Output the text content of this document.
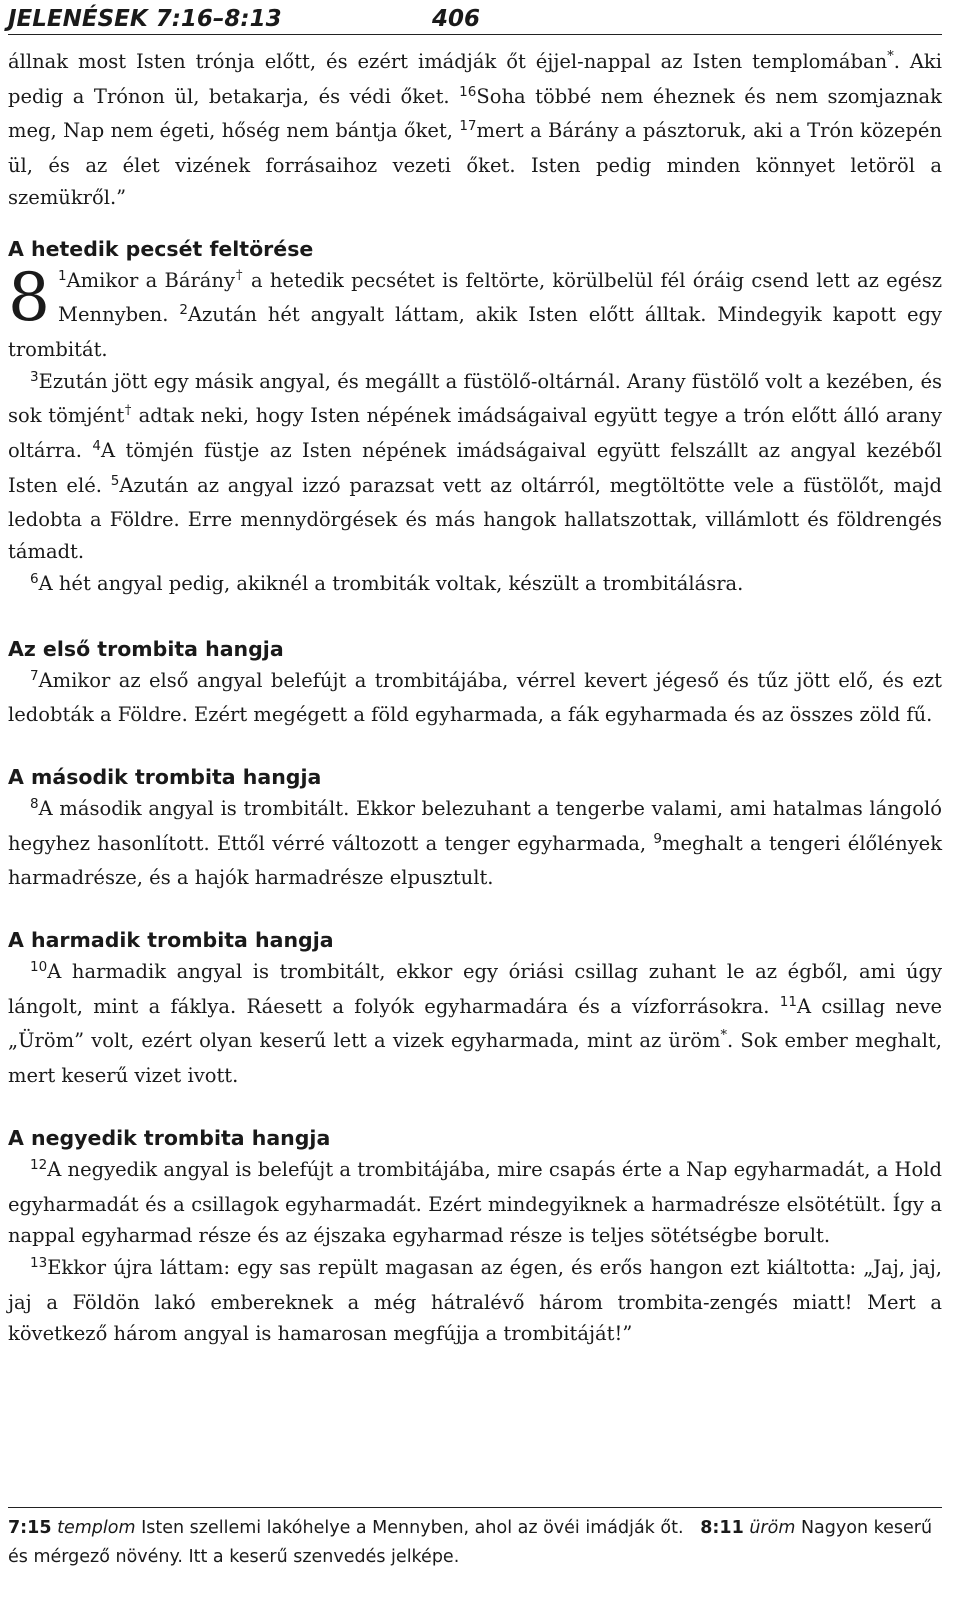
JELENÉSEK 7:16–8:13	406

állnak most Isten trónja előtt, és ezért imádják őt éjjel-nappal az Isten templomában*. Aki pedig a Trónon ül, betakarja, és védi őket. $^{16}$Soha többé nem éheznek és nem szomjaznak meg, Nap nem égeti, hőség nem bántja őket, $^{17}$mert a Bárány a pásztoruk, aki a Trón közepén ül, és az élet vizének forrásaihoz vezeti őket. Isten pedig minden könnyet letöröl a szemükről.”

A hetedik pecsét feltörése

8 $^1$Amikor a Bárány† a hetedik pecsétet is feltörte, körülbelül fél óráig csend lett az egész Mennyben. $^2$Azután hét angyalt láttam, akik Isten előtt álltak. Mindegyik kapott egy trombitát.

$^3$Ezután jött egy másik angyal, és megállt a füstölő-oltárnál. Arany füstölő volt a kezében, és sok tömjént† adtak neki, hogy Isten népének imádságaival együtt tegye a trón előtt álló arany oltárra. $^4$A tömjén füstje az Isten népének imádságaival együtt felszállt az angyal kezéből Isten elé. $^5$Azután az angyal izzó parazsat vett az oltárról, megtöltötte vele a füstölőt, majd ledobta a Földre. Erre mennydörgések és más hangok hallatszottak, villámlott és földrengés támadt.

$^6$A hét angyal pedig, akiknél a trombiták voltak, készült a trombitálásra.

Az első trombita hangja

$^7$Amikor az első angyal belefújt a trombitájába, vérrel kevert jégeső és tűz jött elő, és ezt ledobták a Földre. Ezért megégett a föld egyharmada, a fák egyharmada és az összes zöld fű.

A második trombita hangja

$^8$A második angyal is trombitált. Ekkor belezuhant a tengerbe valami, ami hatalmas lángoló hegyhez hasonlított. Ettől vérré változott a tenger egyharmada, $^9$meghalt a tengeri élőlények harmadrésze, és a hajók harmadrésze elpusztult.

A harmadik trombita hangja

$^{10}$A harmadik angyal is trombitált, ekkor egy óriási csillag zuhant le az égből, ami úgy lángolt, mint a fáklya. Ráesett a folyók egyharmadára és a vízforrásokra. $^{11}$A csillag neve „Üröm” volt, ezért olyan keserű lett a vizek egyharmada, mint az üröm*. Sok ember meghalt, mert keserű vizet ivott.

A negyedik trombita hangja

$^{12}$A negyedik angyal is belefújt a trombitájába, mire csapás érte a Nap egyharmadát, a Hold egyharmadát és a csillagok egyharmadát. Ezért mindegyiknek a harmadrésze elsötétült. Így a nappal egyharmad része és az éjszaka egyharmad része is teljes sötétségbe borult.

$^{13}$Ekkor újra láttam: egy sas repült magasan az égen, és erős hangon ezt kiáltotta: „Jaj, jaj, jaj a Földön lakó embereknek a még hátralévő három trombita-zengés miatt! Mert a következő három angyal is hamarosan megfújja a trombitáját!”

7:15 templom Isten szellemi lakóhelye a Mennyben, ahol az övéi imádják őt. 8:11 üröm Nagyon keserű és mérgező növény. Itt a keserű szenvedés jelképe.
